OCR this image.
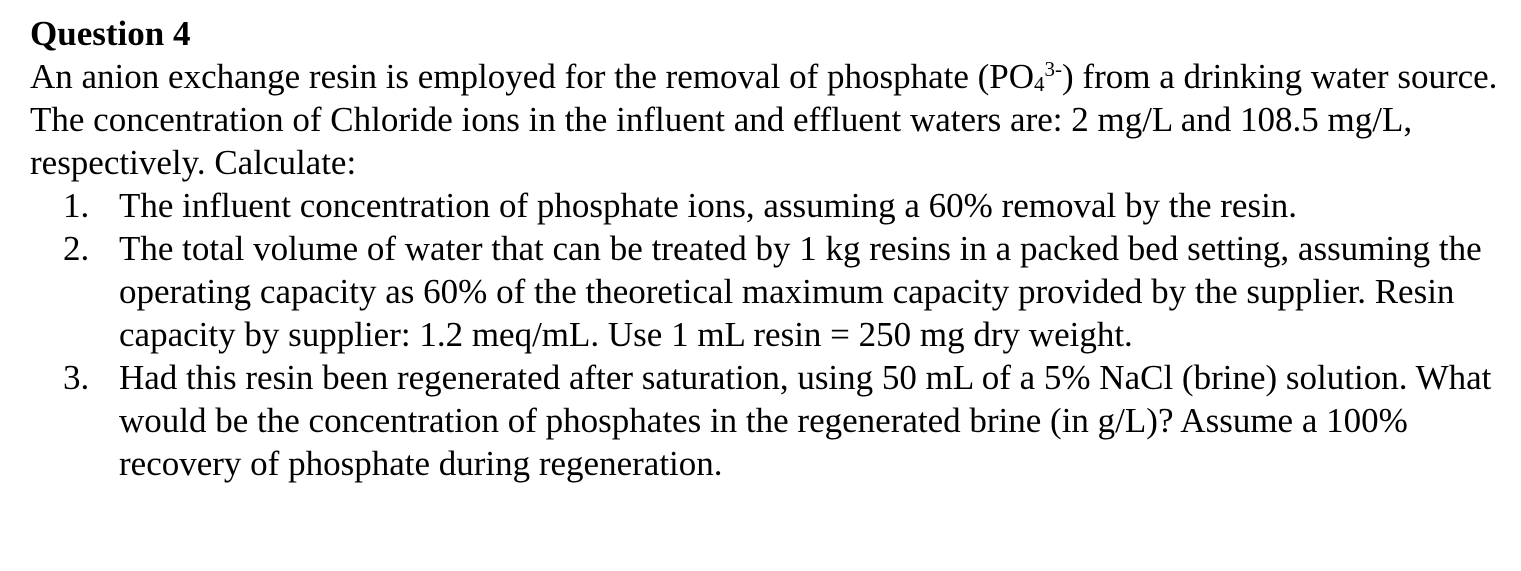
Question 4

An anion exchange resin is employed for the removal of phosphate $(PO_4^{3-})$ from a drinking water source. The concentration of Chloride ions in the influent and effluent waters are: 2 mg/L and 108.5 mg/L, respectively. Calculate:

1. The influent concentration of phosphate ions, assuming a 60% removal by the resin.
2. The total volume of water that can be treated by 1 kg resins in a packed bed setting, assuming the operating capacity as 60% of the theoretical maximum capacity provided by the supplier. Resin capacity by supplier: 1.2 meq/mL. Use 1 mL resin = 250 mg dry weight.
3. Had this resin been regenerated after saturation, using 50 mL of a 5% NaCl (brine) solution. What would be the concentration of phosphates in the regenerated brine (in g/L)? Assume a 100% recovery of phosphate during regeneration.
